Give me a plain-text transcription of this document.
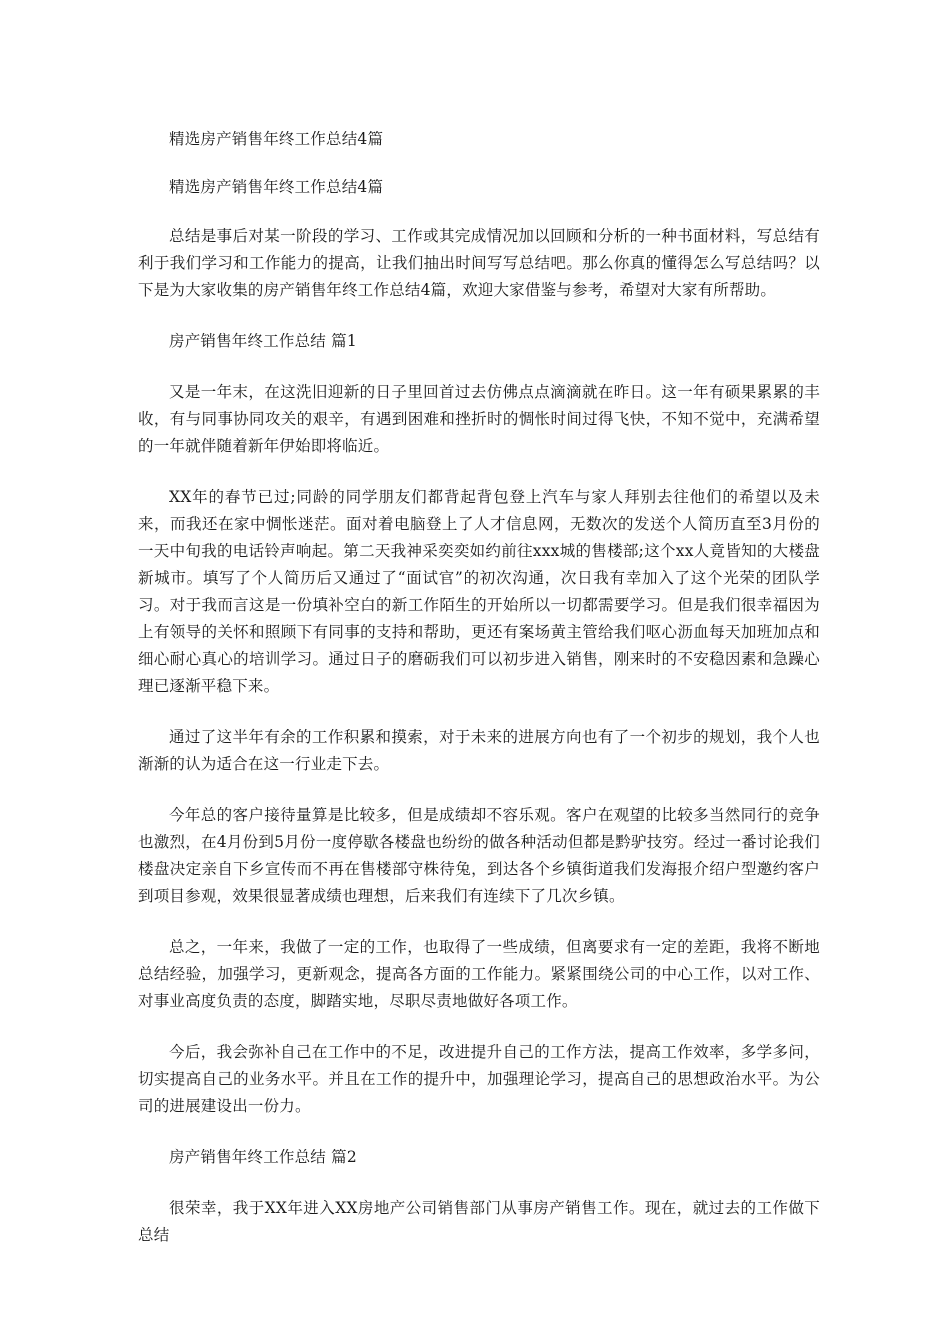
精选房产销售年终工作总结4篇

精选房产销售年终工作总结4篇

总结是事后对某一阶段的学习、工作或其完成情况加以回顾和分析的一种书面材料，写总结有利于我们学习和工作能力的提高，让我们抽出时间写写总结吧。那么你真的懂得怎么写总结吗？以下是为大家收集的房产销售年终工作总结4篇，欢迎大家借鉴与参考，希望对大家有所帮助。

房产销售年终工作总结 篇1

又是一年末，在这洗旧迎新的日子里回首过去仿佛点点滴滴就在昨日。这一年有硕果累累的丰收，有与同事协同攻关的艰辛，有遇到困难和挫折时的惆怅时间过得飞快，不知不觉中，充满希望的一年就伴随着新年伊始即将临近。

XX年的春节已过;同龄的同学朋友们都背起背包登上汽车与家人拜别去往他们的希望以及未来，而我还在家中惆怅迷茫。面对着电脑登上了人才信息网，无数次的发送个人简历直至3月份的一天中旬我的电话铃声响起。第二天我神采奕奕如约前往xxx城的售楼部;这个xx人竟皆知的大楼盘新城市。填写了个人简历后又通过了“面试官”的初次沟通，次日我有幸加入了这个光荣的团队学习。对于我而言这是一份填补空白的新工作陌生的开始所以一切都需要学习。但是我们很幸福因为上有领导的关怀和照顾下有同事的支持和帮助，更还有案场黄主管给我们呕心沥血每天加班加点和细心耐心真心的培训学习。通过日子的磨砺我们可以初步进入销售，刚来时的不安稳因素和急躁心理已逐渐平稳下来。

通过了这半年有余的工作积累和摸索，对于未来的进展方向也有了一个初步的规划，我个人也渐渐的认为适合在这一行业走下去。

今年总的客户接待量算是比较多，但是成绩却不容乐观。客户在观望的比较多当然同行的竞争也激烈，在4月份到5月份一度停歇各楼盘也纷纷的做各种活动但都是黔驴技穷。经过一番讨论我们楼盘决定亲自下乡宣传而不再在售楼部守株待兔，到达各个乡镇街道我们发海报介绍户型邀约客户到项目参观，效果很显著成绩也理想，后来我们有连续下了几次乡镇。

总之，一年来，我做了一定的工作，也取得了一些成绩，但离要求有一定的差距，我将不断地总结经验，加强学习，更新观念，提高各方面的工作能力。紧紧围绕公司的中心工作，以对工作、对事业高度负责的态度，脚踏实地，尽职尽责地做好各项工作。

今后，我会弥补自己在工作中的不足，改进提升自己的工作方法，提高工作效率，多学多问，切实提高自己的业务水平。并且在工作的提升中，加强理论学习，提高自己的思想政治水平。为公司的进展建设出一份力。

房产销售年终工作总结 篇2

很荣幸，我于XX年进入XX房地产公司销售部门从事房产销售工作。现在，就过去的工作做下总结
